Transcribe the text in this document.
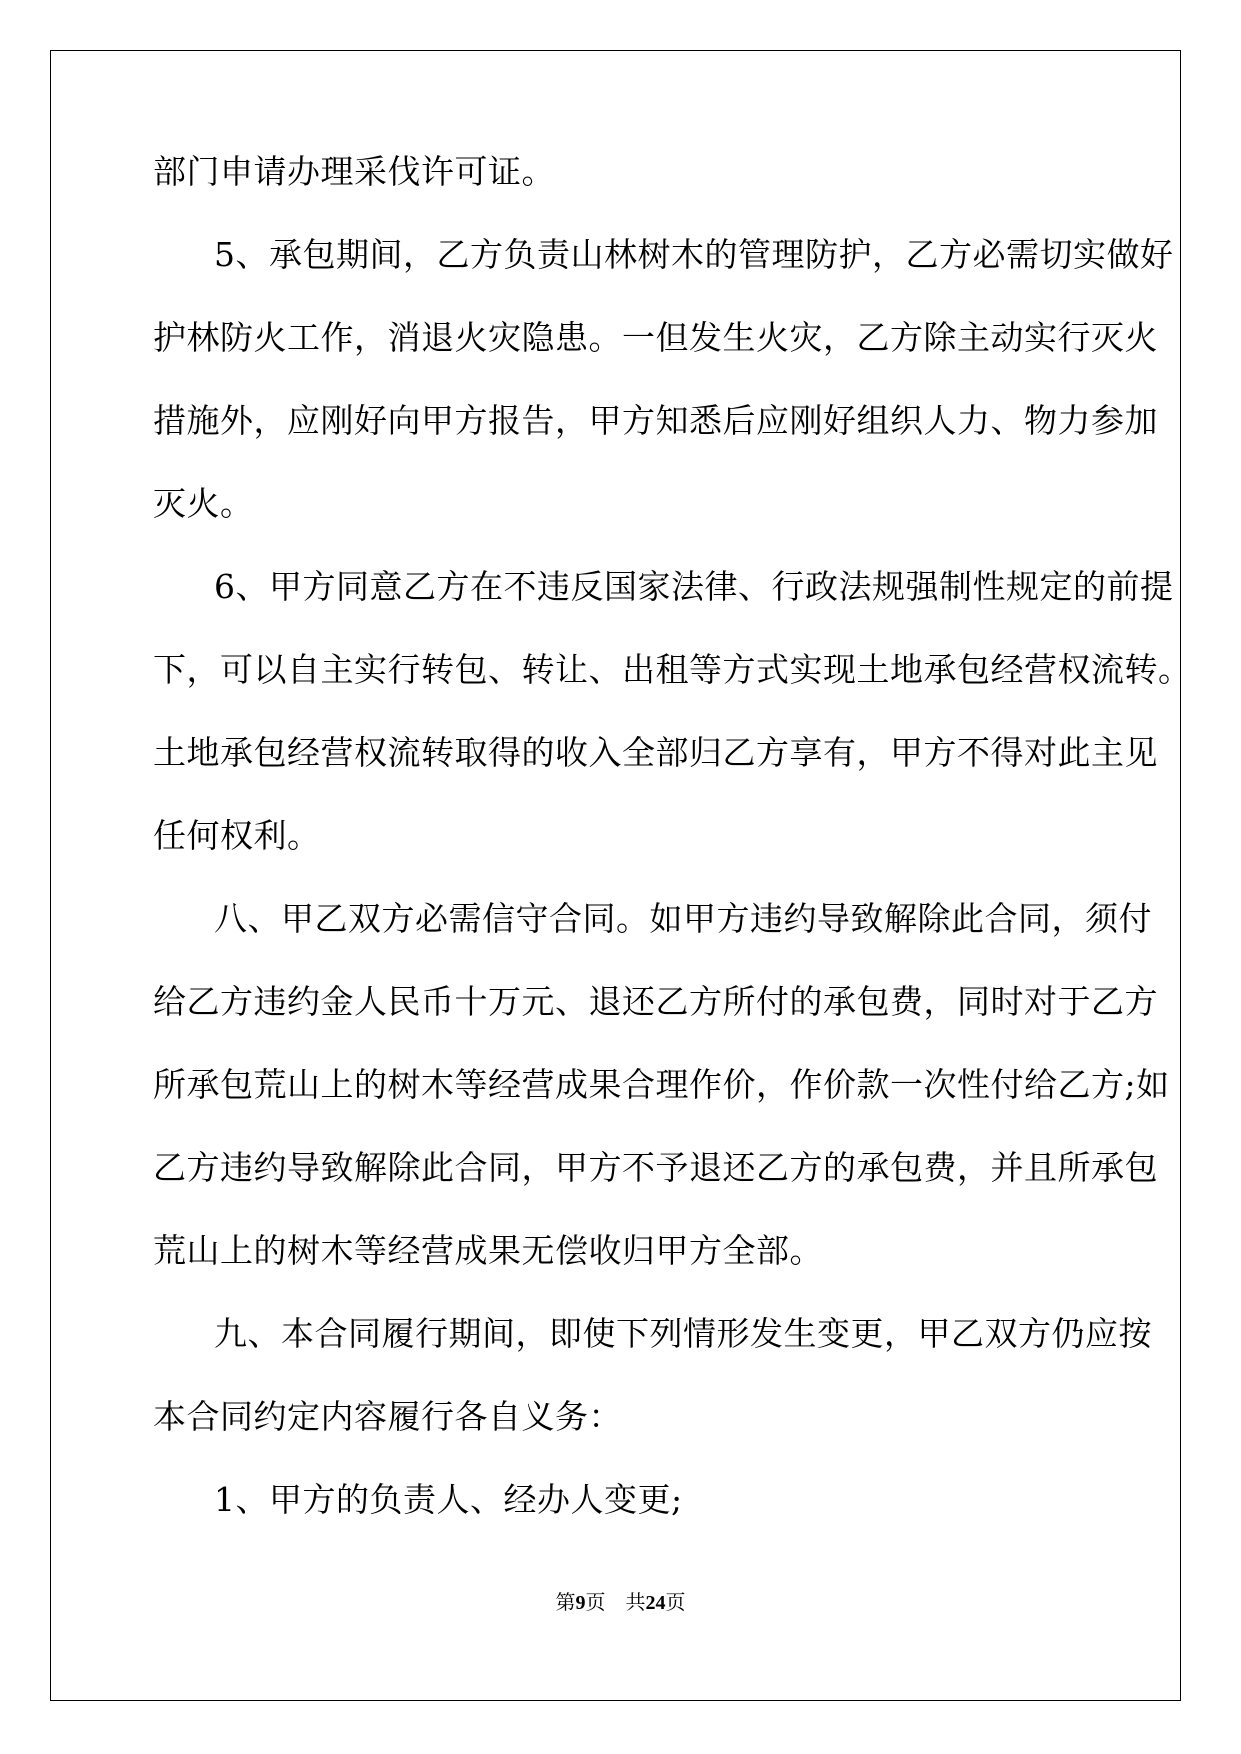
部门申请办理采伐许可证。
5、承包期间，乙方负责山林树木的管理防护，乙方必需切实做好
护林防火工作，消退火灾隐患。一但发生火灾，乙方除主动实行灭火
措施外，应刚好向甲方报告，甲方知悉后应刚好组织人力、物力参加
灭火。
6、甲方同意乙方在不违反国家法律、行政法规强制性规定的前提
下，可以自主实行转包、转让、出租等方式实现土地承包经营权流转。
土地承包经营权流转取得的收入全部归乙方享有，甲方不得对此主见
任何权利。
八、甲乙双方必需信守合同。如甲方违约导致解除此合同，须付
给乙方违约金人民币十万元、退还乙方所付的承包费，同时对于乙方
所承包荒山上的树木等经营成果合理作价，作价款一次性付给乙方;如
乙方违约导致解除此合同，甲方不予退还乙方的承包费，并且所承包
荒山上的树木等经营成果无偿收归甲方全部。
九、本合同履行期间，即使下列情形发生变更，甲乙双方仍应按
本合同约定内容履行各自义务：
1、甲方的负责人、经办人变更;
第9页 共24页
